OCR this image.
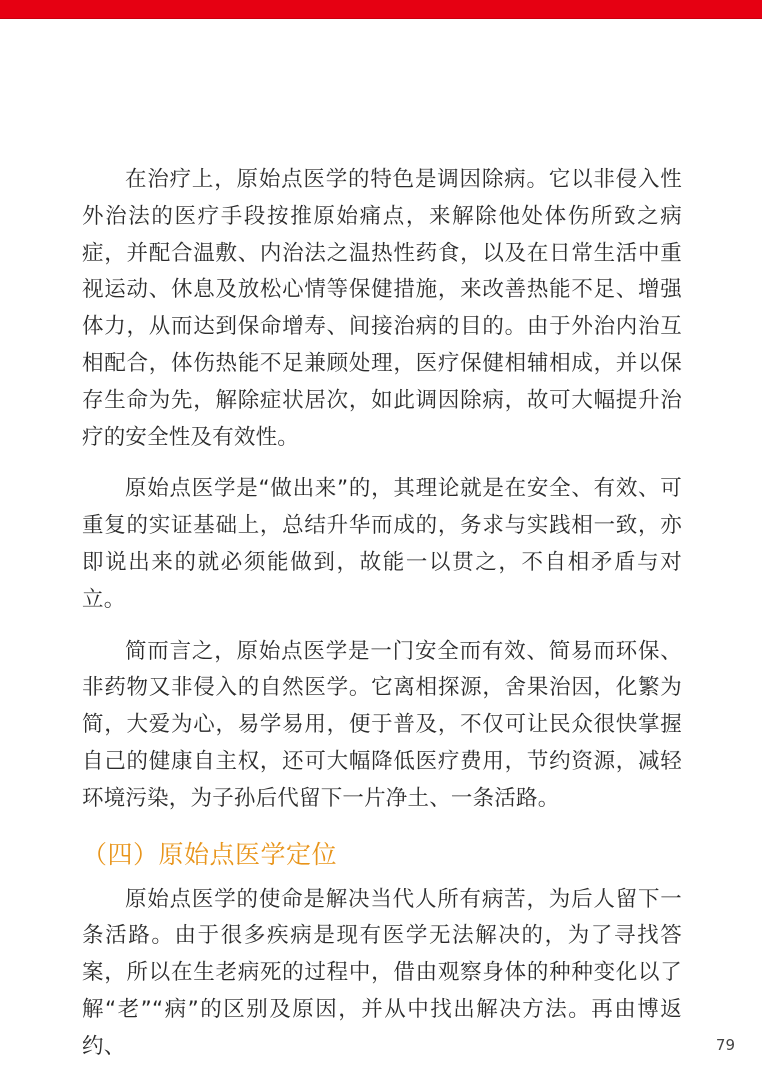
在治疗上，原始点医学的特色是调因除病。它以非侵入性外治法的医疗手段按推原始痛点，来解除他处体伤所致之病症，并配合温敷、内治法之温热性药食，以及在日常生活中重视运动、休息及放松心情等保健措施，来改善热能不足、增强体力，从而达到保命增寿、间接治病的目的。由于外治内治互相配合，体伤热能不足兼顾处理，医疗保健相辅相成，并以保存生命为先，解除症状居次，如此调因除病，故可大幅提升治疗的安全性及有效性。

原始点医学是“做出来”的，其理论就是在安全、有效、可重复的实证基础上，总结升华而成的，务求与实践相一致，亦即说出来的就必须能做到，故能一以贯之，不自相矛盾与对立。

简而言之，原始点医学是一门安全而有效、简易而环保、非药物又非侵入的自然医学。它离相探源，舍果治因，化繁为简，大爱为心，易学易用，便于普及，不仅可让民众很快掌握自己的健康自主权，还可大幅降低医疗费用，节约资源，减轻环境污染，为子孙后代留下一片净土、一条活路。

（四）原始点医学定位

原始点医学的使命是解决当代人所有病苦，为后人留下一条活路。由于很多疾病是现有医学无法解决的，为了寻找答案，所以在生老病死的过程中，借由观察身体的种种变化以了解“老”“病”的区别及原因，并从中找出解决方法。再由博返约、	79
